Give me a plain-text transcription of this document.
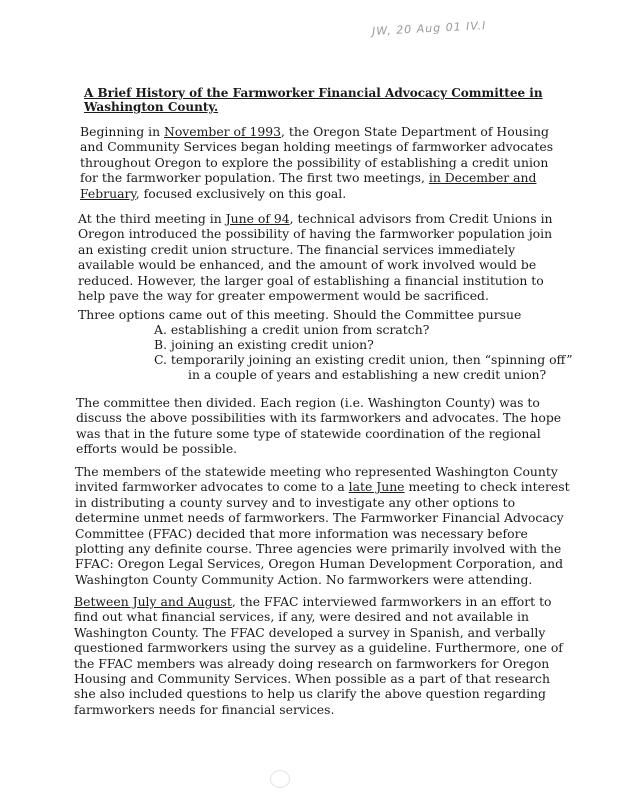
JW, 20 Aug 01 IV.I
A Brief History of the Farmworker Financial Advocacy Committee in Washington County.

Beginning in November of 1993, the Oregon State Department of Housing and Community Services began holding meetings of farmworker advocates throughout Oregon to explore the possibility of establishing a credit union for the farmworker population. The first two meetings, in December and February, focused exclusively on this goal.

At the third meeting in June of 94, technical advisors from Credit Unions in Oregon introduced the possibility of having the farmworker population join an existing credit union structure. The financial services immediately available would be enhanced, and the amount of work involved would be reduced. However, the larger goal of establishing a financial institution to help pave the way for greater empowerment would be sacrificed.

Three options came out of this meeting. Should the Committee pursue

A. establishing a credit union from scratch?
B. joining an existing credit union?
C. temporarily joining an existing credit union, then “spinning off”
in a couple of years and establishing a new credit union?

The committee then divided. Each region (i.e. Washington County) was to discuss the above possibilities with its farmworkers and advocates. The hope was that in the future some type of statewide coordination of the regional efforts would be possible.

The members of the statewide meeting who represented Washington County invited farmworker advocates to come to a late June meeting to check interest in distributing a county survey and to investigate any other options to determine unmet needs of farmworkers. The Farmworker Financial Advocacy Committee (FFAC) decided that more information was necessary before plotting any definite course. Three agencies were primarily involved with the FFAC: Oregon Legal Services, Oregon Human Development Corporation, and Washington County Community Action. No farmworkers were attending.

Between July and August, the FFAC interviewed farmworkers in an effort to find out what financial services, if any, were desired and not available in Washington County. The FFAC developed a survey in Spanish, and verbally questioned farmworkers using the survey as a guideline. Furthermore, one of the FFAC members was already doing research on farmworkers for Oregon Housing and Community Services. When possible as a part of that research she also included questions to help us clarify the above question regarding farmworkers needs for financial services.
